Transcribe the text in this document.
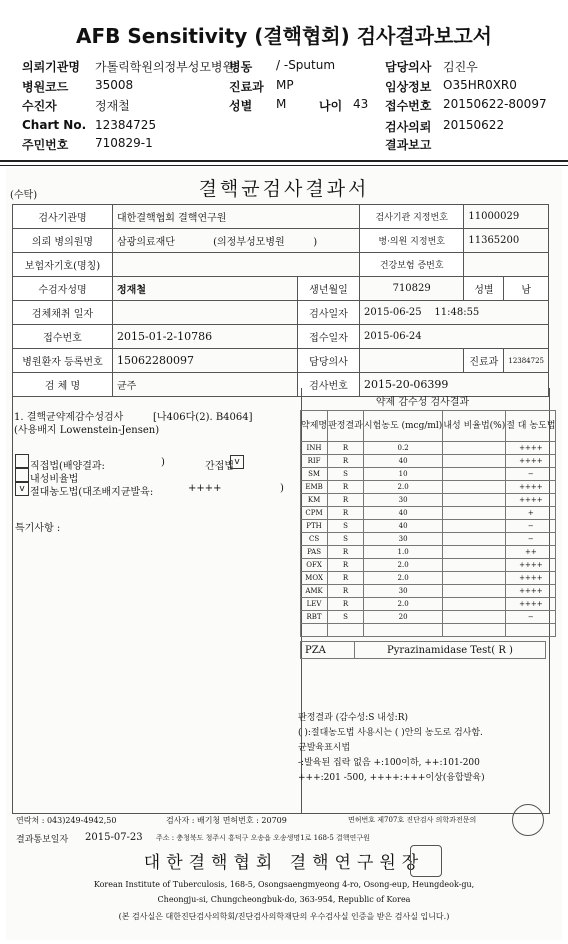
AFB Sensitivity (결핵협회) 검사결과보고서
의뢰기관명 가톨릭학원의정부성모병원
병동 / -Sputum	담당의사 김진우
병원코드 35008	진료과 MP	임상정보 O35HR0XR0
수진자	정재철	성별 M	나이 43 접수번호 20150622-80097
Chart No. 12384725	검사의뢰 20150622
주민번호 710829-1	결과보고
(수탁)	결핵균검사결과서
검사기관명	대한결핵협회 결핵연구원		검사기관 지정번호	11000029	
의뢰 병의원명	삼광의료재단 (의정부성모병원 )		병·의원 지정번호	11365200	
보험자기호(명칭)			건강보험 증번호		
수검자성명	정재철	생년월일	710829	성별	남
검체채취 일자		검사일자	2015-06-25 11:48:55		
접수번호	2015-01-2-10786	접수일자	2015-06-24		
병원환자 등록번호	15062280097	담당의사		진료과	12384725
검 체 명	균주	검사번호	2015-20-06399		
1. 결핵균약제감수성검사	[나406다(2). B4064]
(사용배지 Lowenstein-Jensen)
직접법(배양결과:	)	간접법 v
내성비율법
v 절대농도법(대조배지균발육:	++++	)
특기사항 :
약제 감수성 검사결과
약제명	판정결과	시험농도 (mcg/ml)	내성 비율법(%)	절 대 농도법
INH	R	0.2		++++
RIF	R	40		++++
SM	S	10		−
EMB	R	2.0		++++
KM	R	30		++++
CPM	R	40		+
PTH	S	40		−
CS	S	30		−
PAS	R	1.0		++
OFX	R	2.0		++++
MOX	R	2.0		++++
AMK	R	30		++++
LEV	R	2.0		++++
RBT	S	20		−

PZA	Pyrazinamidase Test( R )
판정결과 (감수성:S 내성:R)
( ):절대농도법 사용시는 ( )안의 농도로 검사함.
균발육표시법
-:발육된 집락 없음 +:100이하, ++:101-200
+++:201 -500, ++++:+++이상(융합발육)
연락처 : 043)249-4942,50	검사자 : 배기청 면허번호 : 20709	면허번호 제707호 진단검사 의학과전문의
결과통보일자 2015-07-23 주소 : 충청북도 청주시 흥덕구 오송읍 오송생명1로 168-5 결핵연구원
대한결핵협회 결핵연구원장
Korean Institute of Tuberculosis, 168-5, Osongsaengmyeong 4-ro, Osong-eup, Heungdeok-gu,
Cheongju-si, Chungcheongbuk-do, 363-954, Republic of Korea
(본 검사실은 대한진단검사의학회/진단검사의학재단의 우수검사실 인증을 받은 검사실 입니다.)
